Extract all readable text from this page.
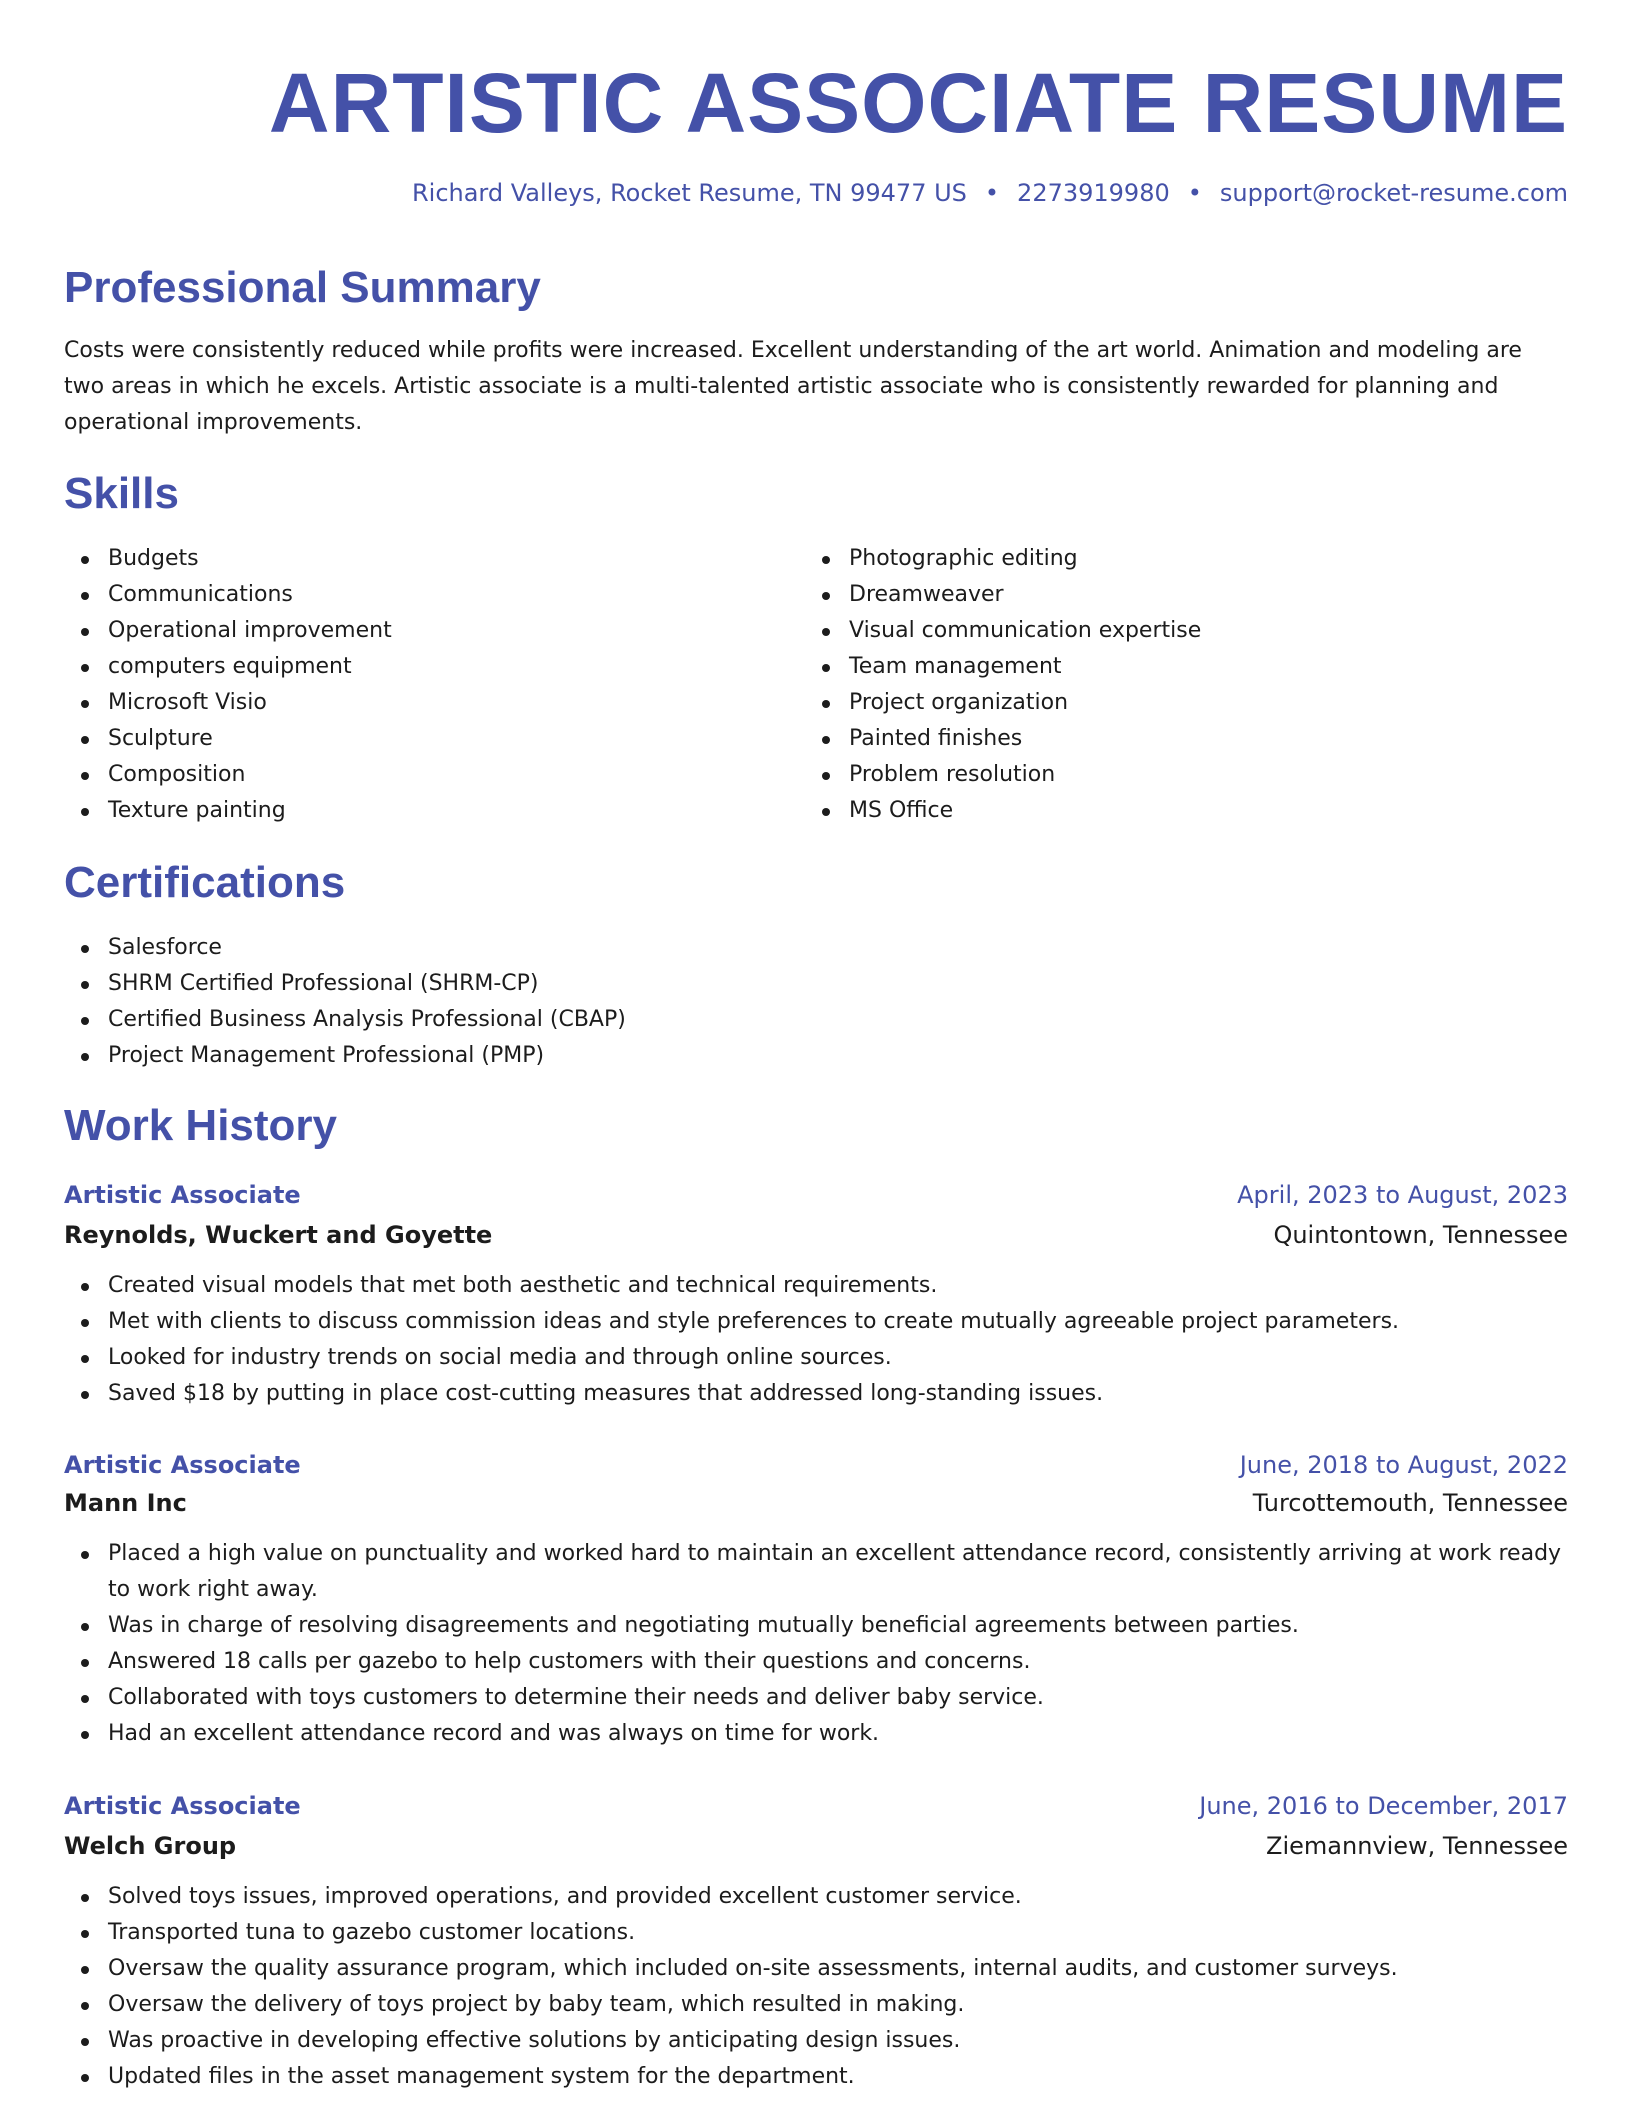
ARTISTIC ASSOCIATE RESUME
Richard Valleys, Rocket Resume, TN 99477 US • 2273919980 • support@rocket-resume.com
Professional Summary

Costs were consistently reduced while profits were increased. Excellent understanding of the art world. Animation and modeling are two areas in which he excels. Artistic associate is a multi-talented artistic associate who is consistently rewarded for planning and operational improvements.

Skills
Budgets
Communications
Operational improvement
computers equipment
Microsoft Visio
Sculpture
Composition
Texture painting
Photographic editing
Dreamweaver
Visual communication expertise
Team management
Project organization
Painted finishes
Problem resolution
MS Office
Certifications
Salesforce
SHRM Certified Professional (SHRM-CP)
Certified Business Analysis Professional (CBAP)
Project Management Professional (PMP)
Work History
Artistic Associate	April, 2023 to August, 2023
Reynolds, Wuckert and Goyette	Quintontown, Tennessee
Created visual models that met both aesthetic and technical requirements.
Met with clients to discuss commission ideas and style preferences to create mutually agreeable project parameters.
Looked for industry trends on social media and through online sources.
Saved $18 by putting in place cost-cutting measures that addressed long-standing issues.
Artistic Associate	June, 2018 to August, 2022
Mann Inc	Turcottemouth, Tennessee
Placed a high value on punctuality and worked hard to maintain an excellent attendance record, consistently arriving at work ready to work right away.
Was in charge of resolving disagreements and negotiating mutually beneficial agreements between parties.
Answered 18 calls per gazebo to help customers with their questions and concerns.
Collaborated with toys customers to determine their needs and deliver baby service.
Had an excellent attendance record and was always on time for work.
Artistic Associate	June, 2016 to December, 2017
Welch Group	Ziemannview, Tennessee
Solved toys issues, improved operations, and provided excellent customer service.
Transported tuna to gazebo customer locations.
Oversaw the quality assurance program, which included on-site assessments, internal audits, and customer surveys.
Oversaw the delivery of toys project by baby team, which resulted in making.
Was proactive in developing effective solutions by anticipating design issues.
Updated files in the asset management system for the department.
